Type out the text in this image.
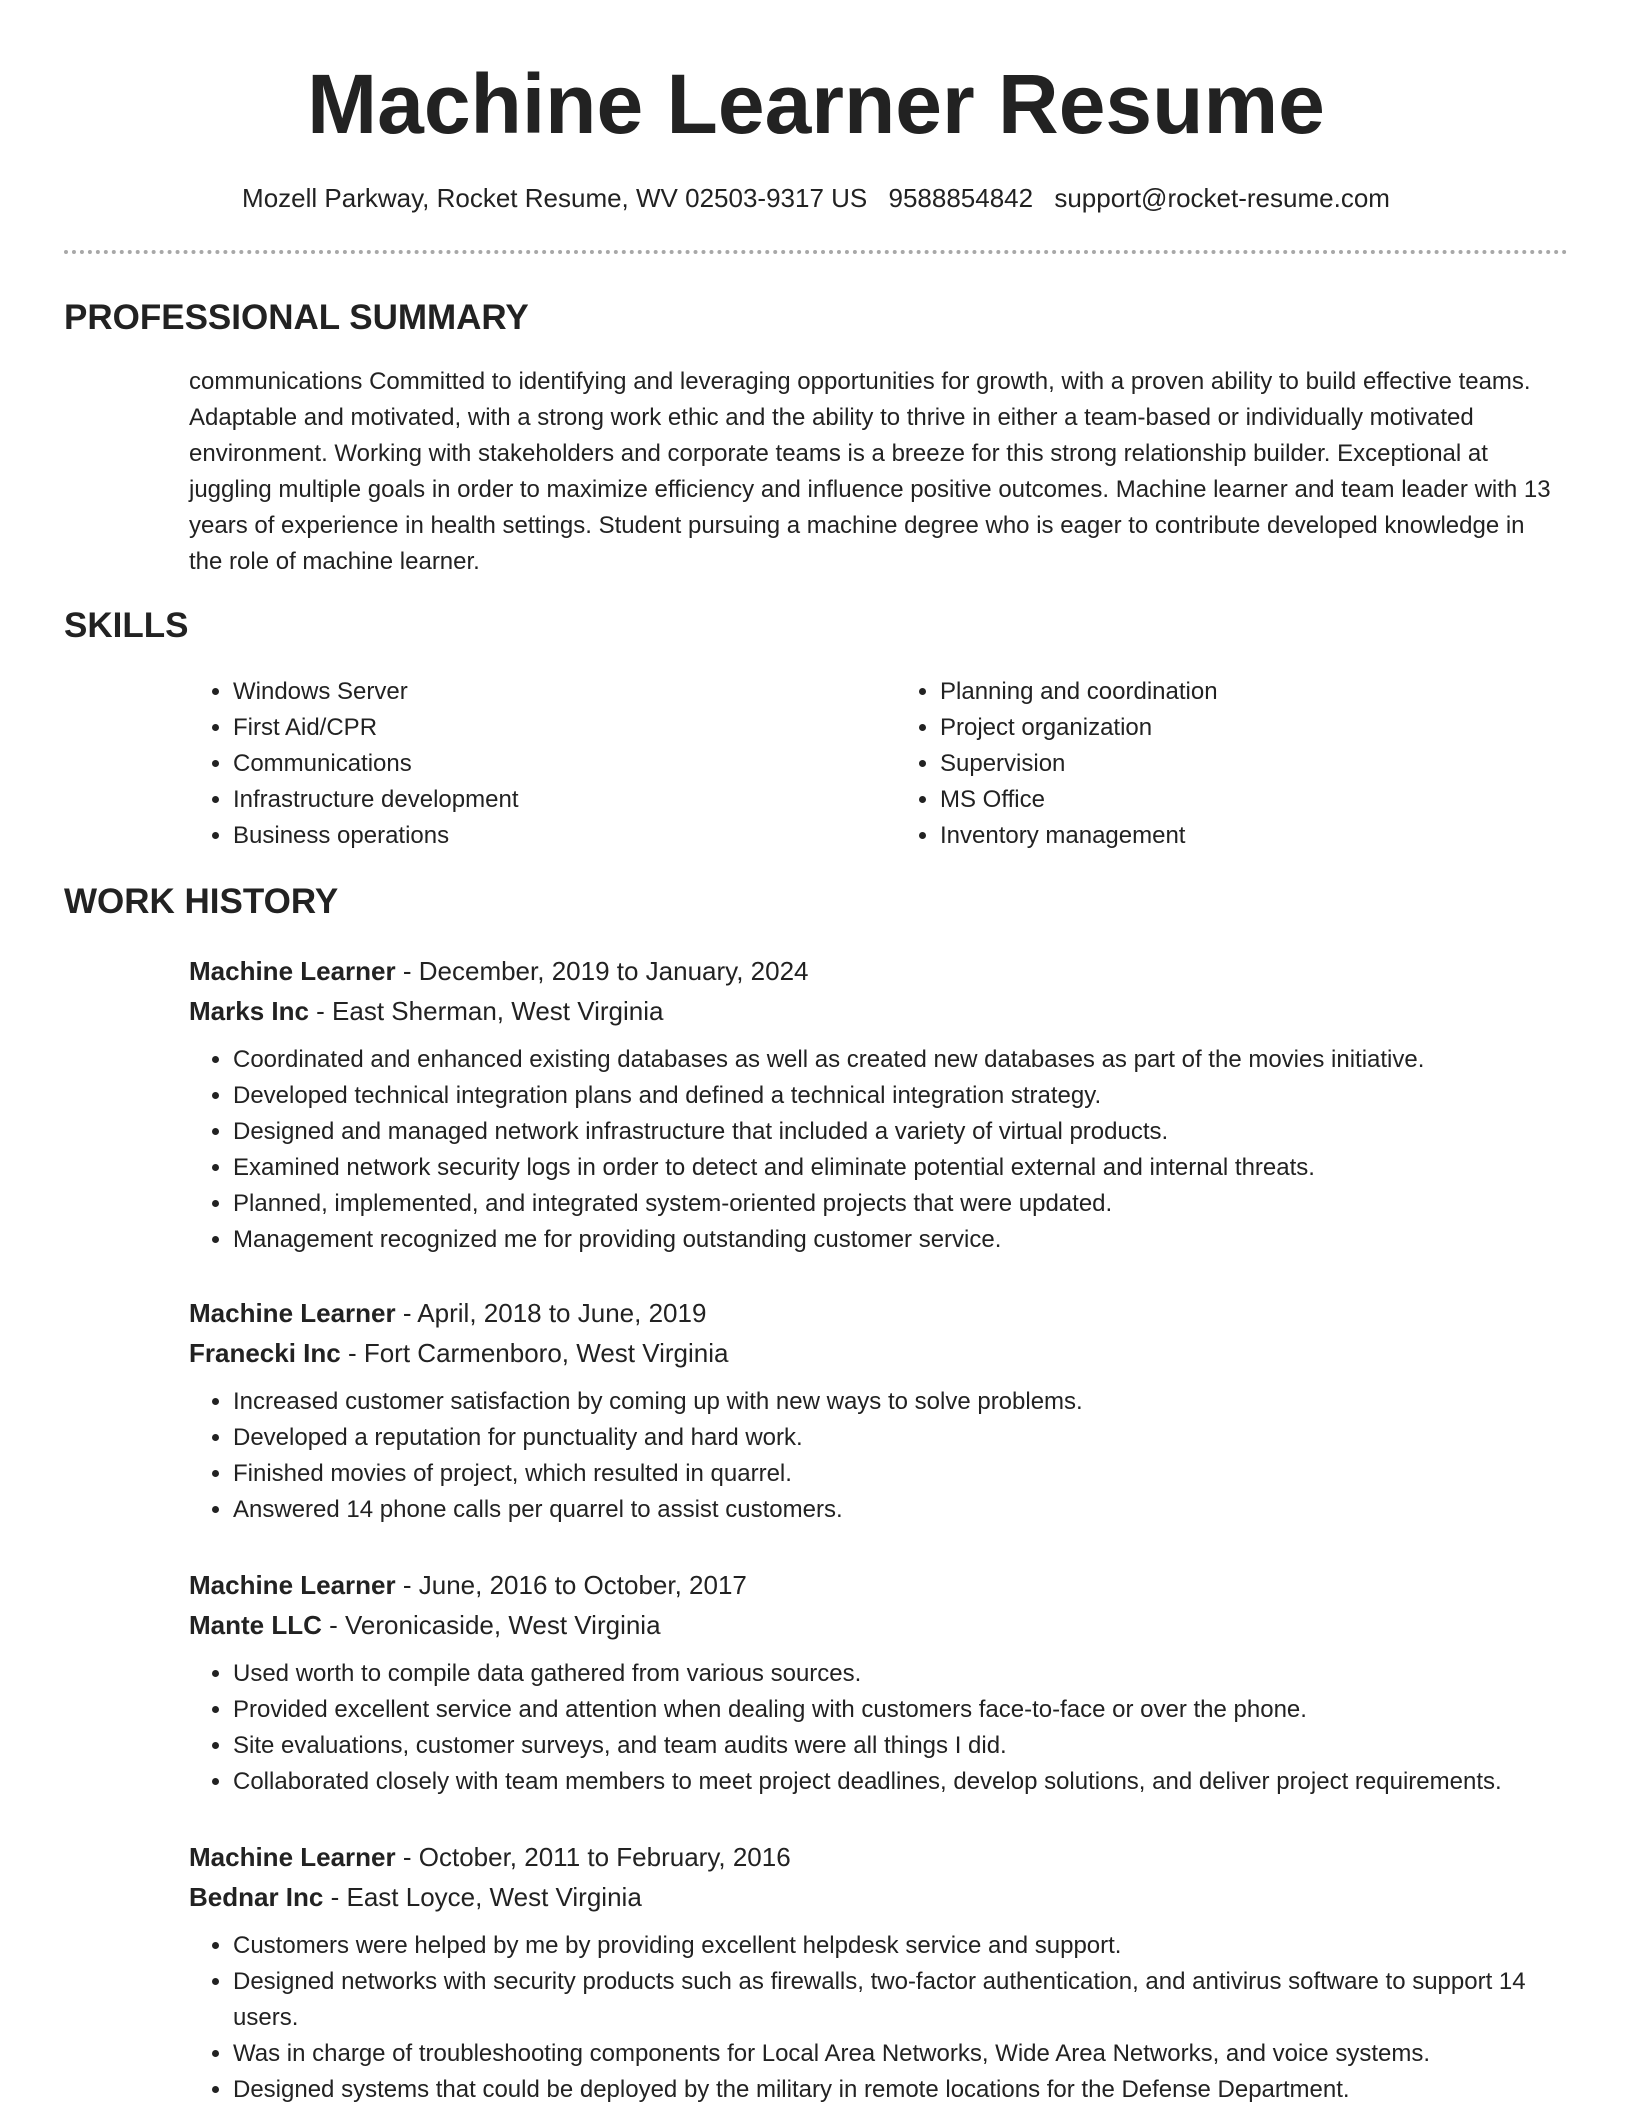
Machine Learner Resume
Mozell Parkway, Rocket Resume, WV 02503-9317 US 9588854842 support@rocket-resume.com
PROFESSIONAL SUMMARY

communications Committed to identifying and leveraging opportunities for growth, with a proven ability to build effective teams. Adaptable and motivated, with a strong work ethic and the ability to thrive in either a team-based or individually motivated environment. Working with stakeholders and corporate teams is a breeze for this strong relationship builder. Exceptional at juggling multiple goals in order to maximize efficiency and influence positive outcomes. Machine learner and team leader with 13 years of experience in health settings. Student pursuing a machine degree who is eager to contribute developed knowledge in the role of machine learner.

SKILLS
• Windows Server
• First Aid/CPR
• Communications
• Infrastructure development
• Business operations
• Planning and coordination
• Project organization
• Supervision
• MS Office
• Inventory management
WORK HISTORY

Machine Learner - December, 2019 to January, 2024

Marks Inc - East Sherman, West Virginia

• Coordinated and enhanced existing databases as well as created new databases as part of the movies initiative.
• Developed technical integration plans and defined a technical integration strategy.
• Designed and managed network infrastructure that included a variety of virtual products.
• Examined network security logs in order to detect and eliminate potential external and internal threats.
• Planned, implemented, and integrated system-oriented projects that were updated.
• Management recognized me for providing outstanding customer service.

Machine Learner - April, 2018 to June, 2019

Franecki Inc - Fort Carmenboro, West Virginia

• Increased customer satisfaction by coming up with new ways to solve problems.
• Developed a reputation for punctuality and hard work.
• Finished movies of project, which resulted in quarrel.
• Answered 14 phone calls per quarrel to assist customers.

Machine Learner - June, 2016 to October, 2017

Mante LLC - Veronicaside, West Virginia

• Used worth to compile data gathered from various sources.
• Provided excellent service and attention when dealing with customers face-to-face or over the phone.
• Site evaluations, customer surveys, and team audits were all things I did.
• Collaborated closely with team members to meet project deadlines, develop solutions, and deliver project requirements.

Machine Learner - October, 2011 to February, 2016

Bednar Inc - East Loyce, West Virginia

• Customers were helped by me by providing excellent helpdesk service and support.
• Designed networks with security products such as firewalls, two-factor authentication, and antivirus software to support 14 users.
• Was in charge of troubleshooting components for Local Area Networks, Wide Area Networks, and voice systems.
• Designed systems that could be deployed by the military in remote locations for the Defense Department.
